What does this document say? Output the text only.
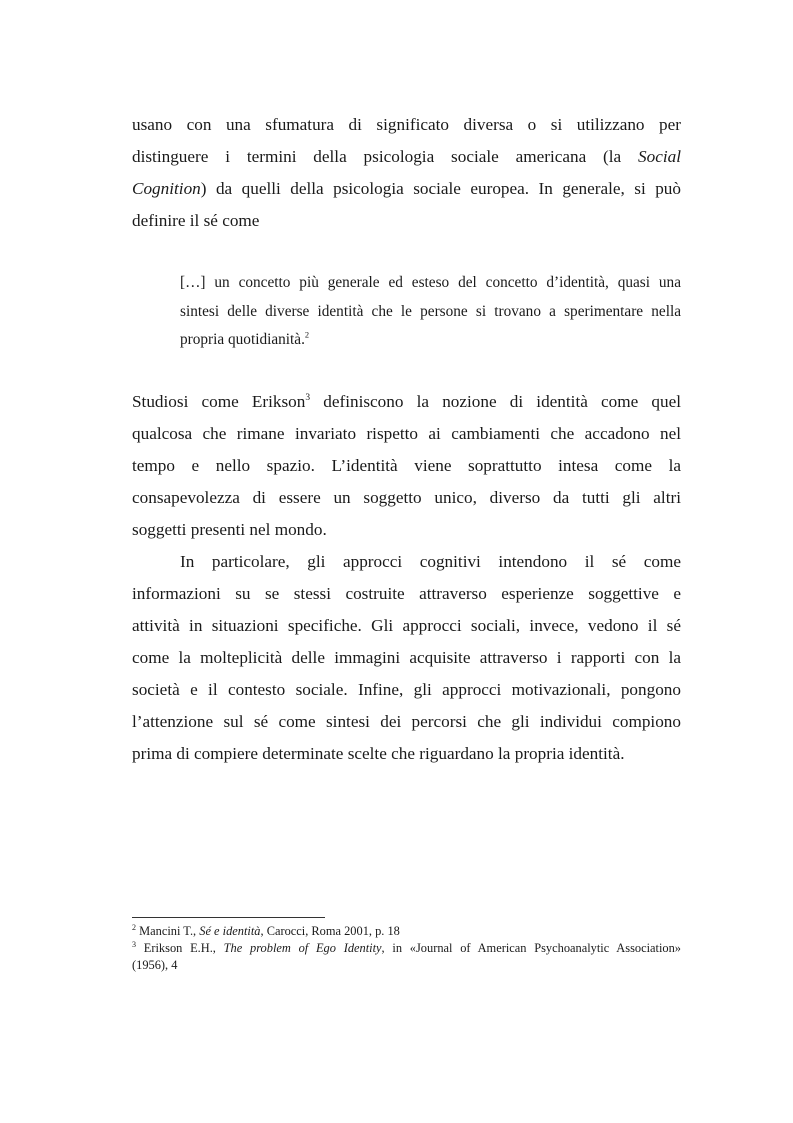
usano con una sfumatura di significato diversa o si utilizzano per

distinguere i termini della psicologia sociale americana (la Social

Cognition) da quelli della psicologia sociale europea. In generale, si può

definire il sé come

[…] un concetto più generale ed esteso del concetto d’identità, quasi una

sintesi delle diverse identità che le persone si trovano a sperimentare nella

propria quotidianità.$^2$

Studiosi come Erikson$^3$ definiscono la nozione di identità come quel

qualcosa che rimane invariato rispetto ai cambiamenti che accadono nel

tempo e nello spazio. L’identità viene soprattutto intesa come la

consapevolezza di essere un soggetto unico, diverso da tutti gli altri

soggetti presenti nel mondo.

In particolare, gli approcci cognitivi intendono il sé come

informazioni su se stessi costruite attraverso esperienze soggettive e

attività in situazioni specifiche. Gli approcci sociali, invece, vedono il sé

come la molteplicità delle immagini acquisite attraverso i rapporti con la

società e il contesto sociale. Infine, gli approcci motivazionali, pongono

l’attenzione sul sé come sintesi dei percorsi che gli individui compiono

prima di compiere determinate scelte che riguardano la propria identità.

$^2$ Mancini T., Sé e identità, Carocci, Roma 2001, p. 18

$^3$ Erikson E.H., The problem of Ego Identity, in «Journal of American Psychoanalytic Association»

(1956), 4
